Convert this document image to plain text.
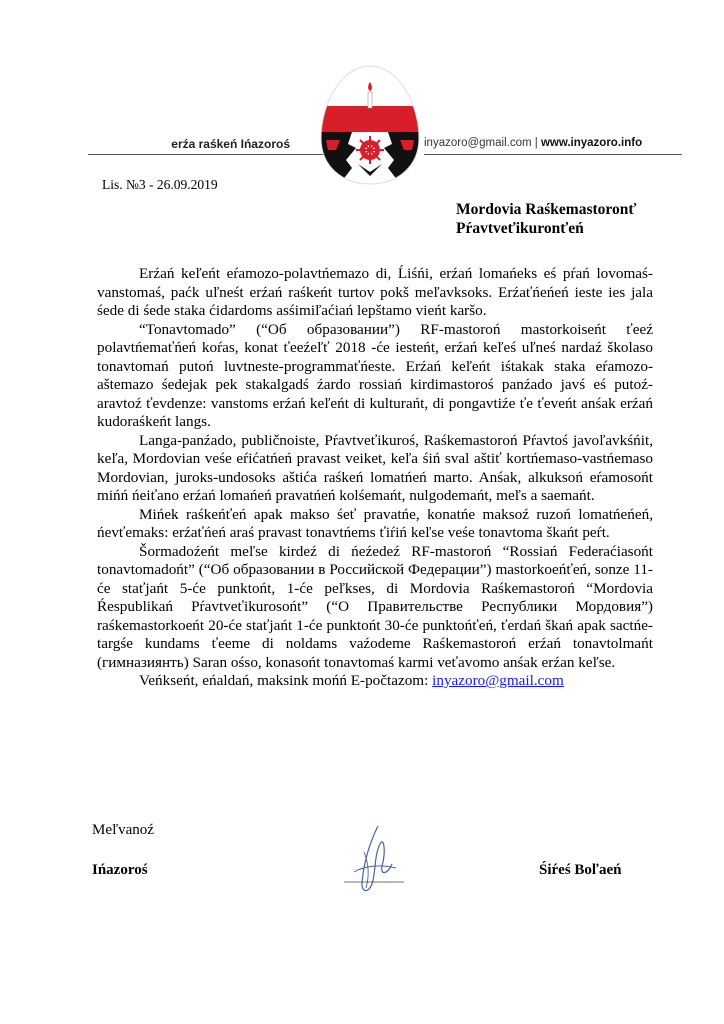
erźa raśkeń Ińazoroś	inyazoro@gmail.com | www.inyazoro.info
Lis. №3 - 26.09.2019
Mordovia Raśkemastoronť
Pŕavtveťikuronťeń

Erźań keľeńt eŕamozo-polavtńemazo di, Ĺiśńi, erźań lomańeks eś pŕań lovomaś-vanstomaś, paćk uľneśt erźań raśkeńt turtov pokš meľavksoks. Erźaťńeńeń ieste ies jala śede di śede staka ćidardoms asśimiľaćiań lepštamo vieńt karšo.

“Tonavtomado” (“Об образовании”) RF-mastoroń mastorkoiseńt ťeeź polavtńemaťńeń koŕas, konat ťeeźeľť 2018 -će iesteńt, erźań keľeś uľneś nardaź školaso tonavtomań putoń luvtneste-programmaťńeste. Erźań keľeńt iśtakak staka eŕamozo-aštemazo śedejak pek stakalgadś źardo rossiań kirdimastoroś panźado javś eś putoź-aravtoź ťevdenze: vanstoms erźań keľeńt di kulturańt, di pongavtiźe ťe ťeveńt anśak erźań kudoraśkeńt langs.

Langa-panźado, publičnoiste, Pŕavtveťikuroś, Raśkemastoroń Pŕavtoś javoľavkśńit, keľa, Mordovian veśe eŕićatńeń pravast veiket, keľa śiń sval aštiť kortńemaso-vastńemaso Mordovian, juroks-undosoks aštića raśkeń lomatńeń marto. Anśak, alkuksoń eŕamosońt mińń ńeiťano erźań lomańeń pravatńeń kolśemańt, nulgodemańt, meľs a saemańt.

Mińek raśkeńťeń apak makso śeť pravatńe, konatńe maksoź ruzoń lomatńeńeń, ńevťemaks: erźaťńeń araś pravast tonavtńems ťiŕiń keľse veśe tonavtoma škańt peŕt.

Šormadoźeńt meľse kirdeź di ńeźedeź RF-mastoroń “Rossiań Federaćiasońt tonavtomadońt” (“Об образовании в Российской Федерации”) mastorkoeńťeń, sonze 11-će staťjańt 5-će punktońt, 1-će peľkses, di Mordovia Raśkemastoroń “Mordovia Ŕespublikań Pŕavtveťikurosońt” (“О Правительстве Республики Мордовия”) raśkemastorkoeńt 20-će staťjańt 1-će punktońt 30-će punktońťeń, ťerdań škań apak sactńe-targśe kundams ťeeme di noldams vaźodeme Raśkemastoroń erźań tonavtolmańt (гимназиянть) Saran ośso, konasońt tonavtomaś karmi veťavomo anśak erźan keľse.

Veńkseńt, eńaldań, maksink mońń E-počtazom: inyazoro@gmail.com

Meľvanoź
Ińazoroś	Śiŕeś Boľaeń
